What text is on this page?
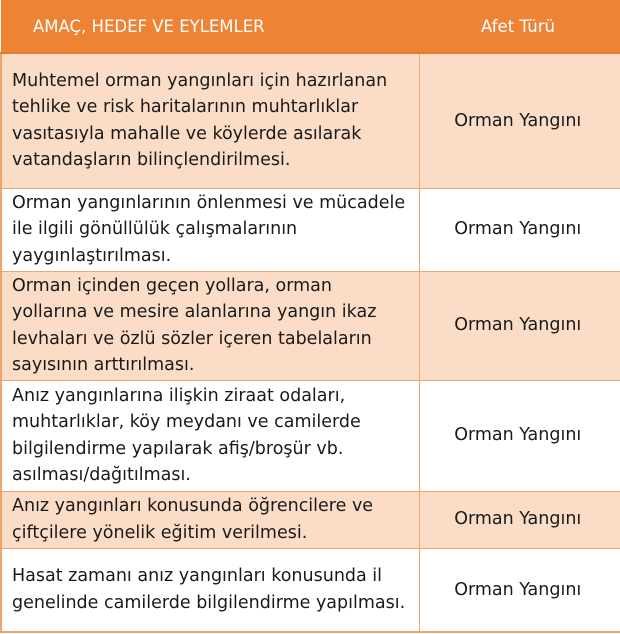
AMAÇ, HEDEF VE EYLEMLER	Afet Türü
Muhtemel orman yangınları için hazırlanan tehlike ve risk haritalarının muhtarlıklar vasıtasıyla mahalle ve köylerde asılarak vatandaşların bilinçlendirilmesi.	Orman Yangını
Orman yangınlarının önlenmesi ve mücadele ile ilgili gönüllülük çalışmalarının yaygınlaştırılması.	Orman Yangını
Orman içinden geçen yollara, orman yollarına ve mesire alanlarına yangın ikaz levhaları ve özlü sözler içeren tabelaların sayısının arttırılması.	Orman Yangını
Anız yangınlarına ilişkin ziraat odaları, muhtarlıklar, köy meydanı ve camilerde bilgilendirme yapılarak afiş/broşür vb. asılması/dağıtılması.	Orman Yangını
Anız yangınları konusunda öğrencilere ve çiftçilere yönelik eğitim verilmesi.	Orman Yangını
Hasat zamanı anız yangınları konusunda il genelinde camilerde bilgilendirme yapılması.	Orman Yangını
